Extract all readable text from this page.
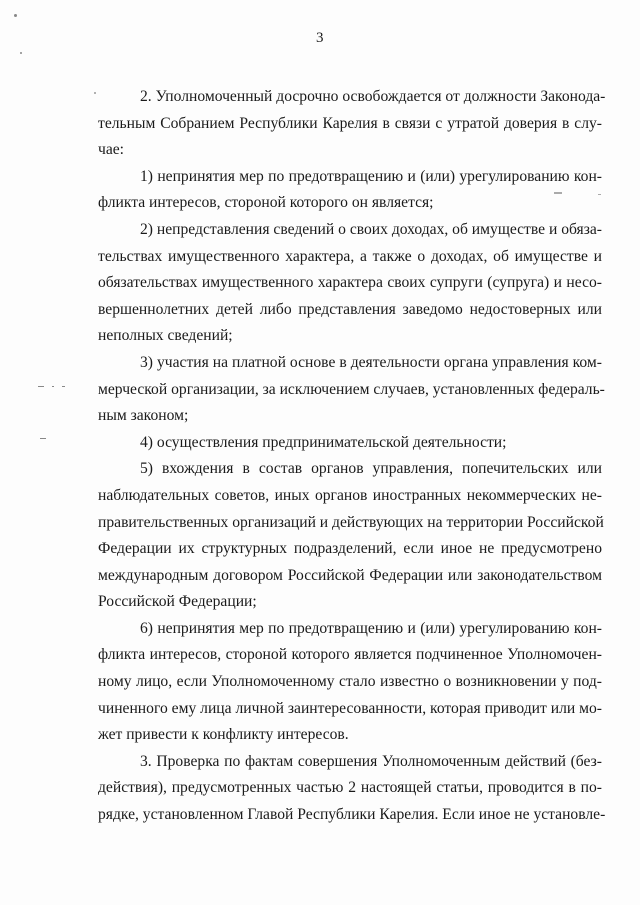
3
2. Уполномоченный досрочно освобождается от должности Законода-
тельным Собранием Республики Карелия в связи с утратой доверия в слу-
чае:
1) непринятия мер по предотвращению и (или) урегулированию кон-
фликта интересов, стороной которого он является;
2) непредставления сведений о своих доходах, об имуществе и обяза-
тельствах имущественного характера, а также о доходах, об имуществе и
обязательствах имущественного характера своих супруги (супруга) и несо-
вершеннолетних детей либо представления заведомо недостоверных или
неполных сведений;
3) участия на платной основе в деятельности органа управления ком-
мерческой организации, за исключением случаев, установленных федераль-
ным законом;
4) осуществления предпринимательской деятельности;
5) вхождения в состав органов управления, попечительских или
наблюдательных советов, иных органов иностранных некоммерческих не-
правительственных организаций и действующих на территории Российской
Федерации их структурных подразделений, если иное не предусмотрено
международным договором Российской Федерации или законодательством
Российской Федерации;
6) непринятия мер по предотвращению и (или) урегулированию кон-
фликта интересов, стороной которого является подчиненное Уполномочен-
ному лицо, если Уполномоченному стало известно о возникновении у под-
чиненного ему лица личной заинтересованности, которая приводит или мо-
жет привести к конфликту интересов.
3. Проверка по фактам совершения Уполномоченным действий (без-
действия), предусмотренных частью 2 настоящей статьи, проводится в по-
рядке, установленном Главой Республики Карелия. Если иное не установле-
